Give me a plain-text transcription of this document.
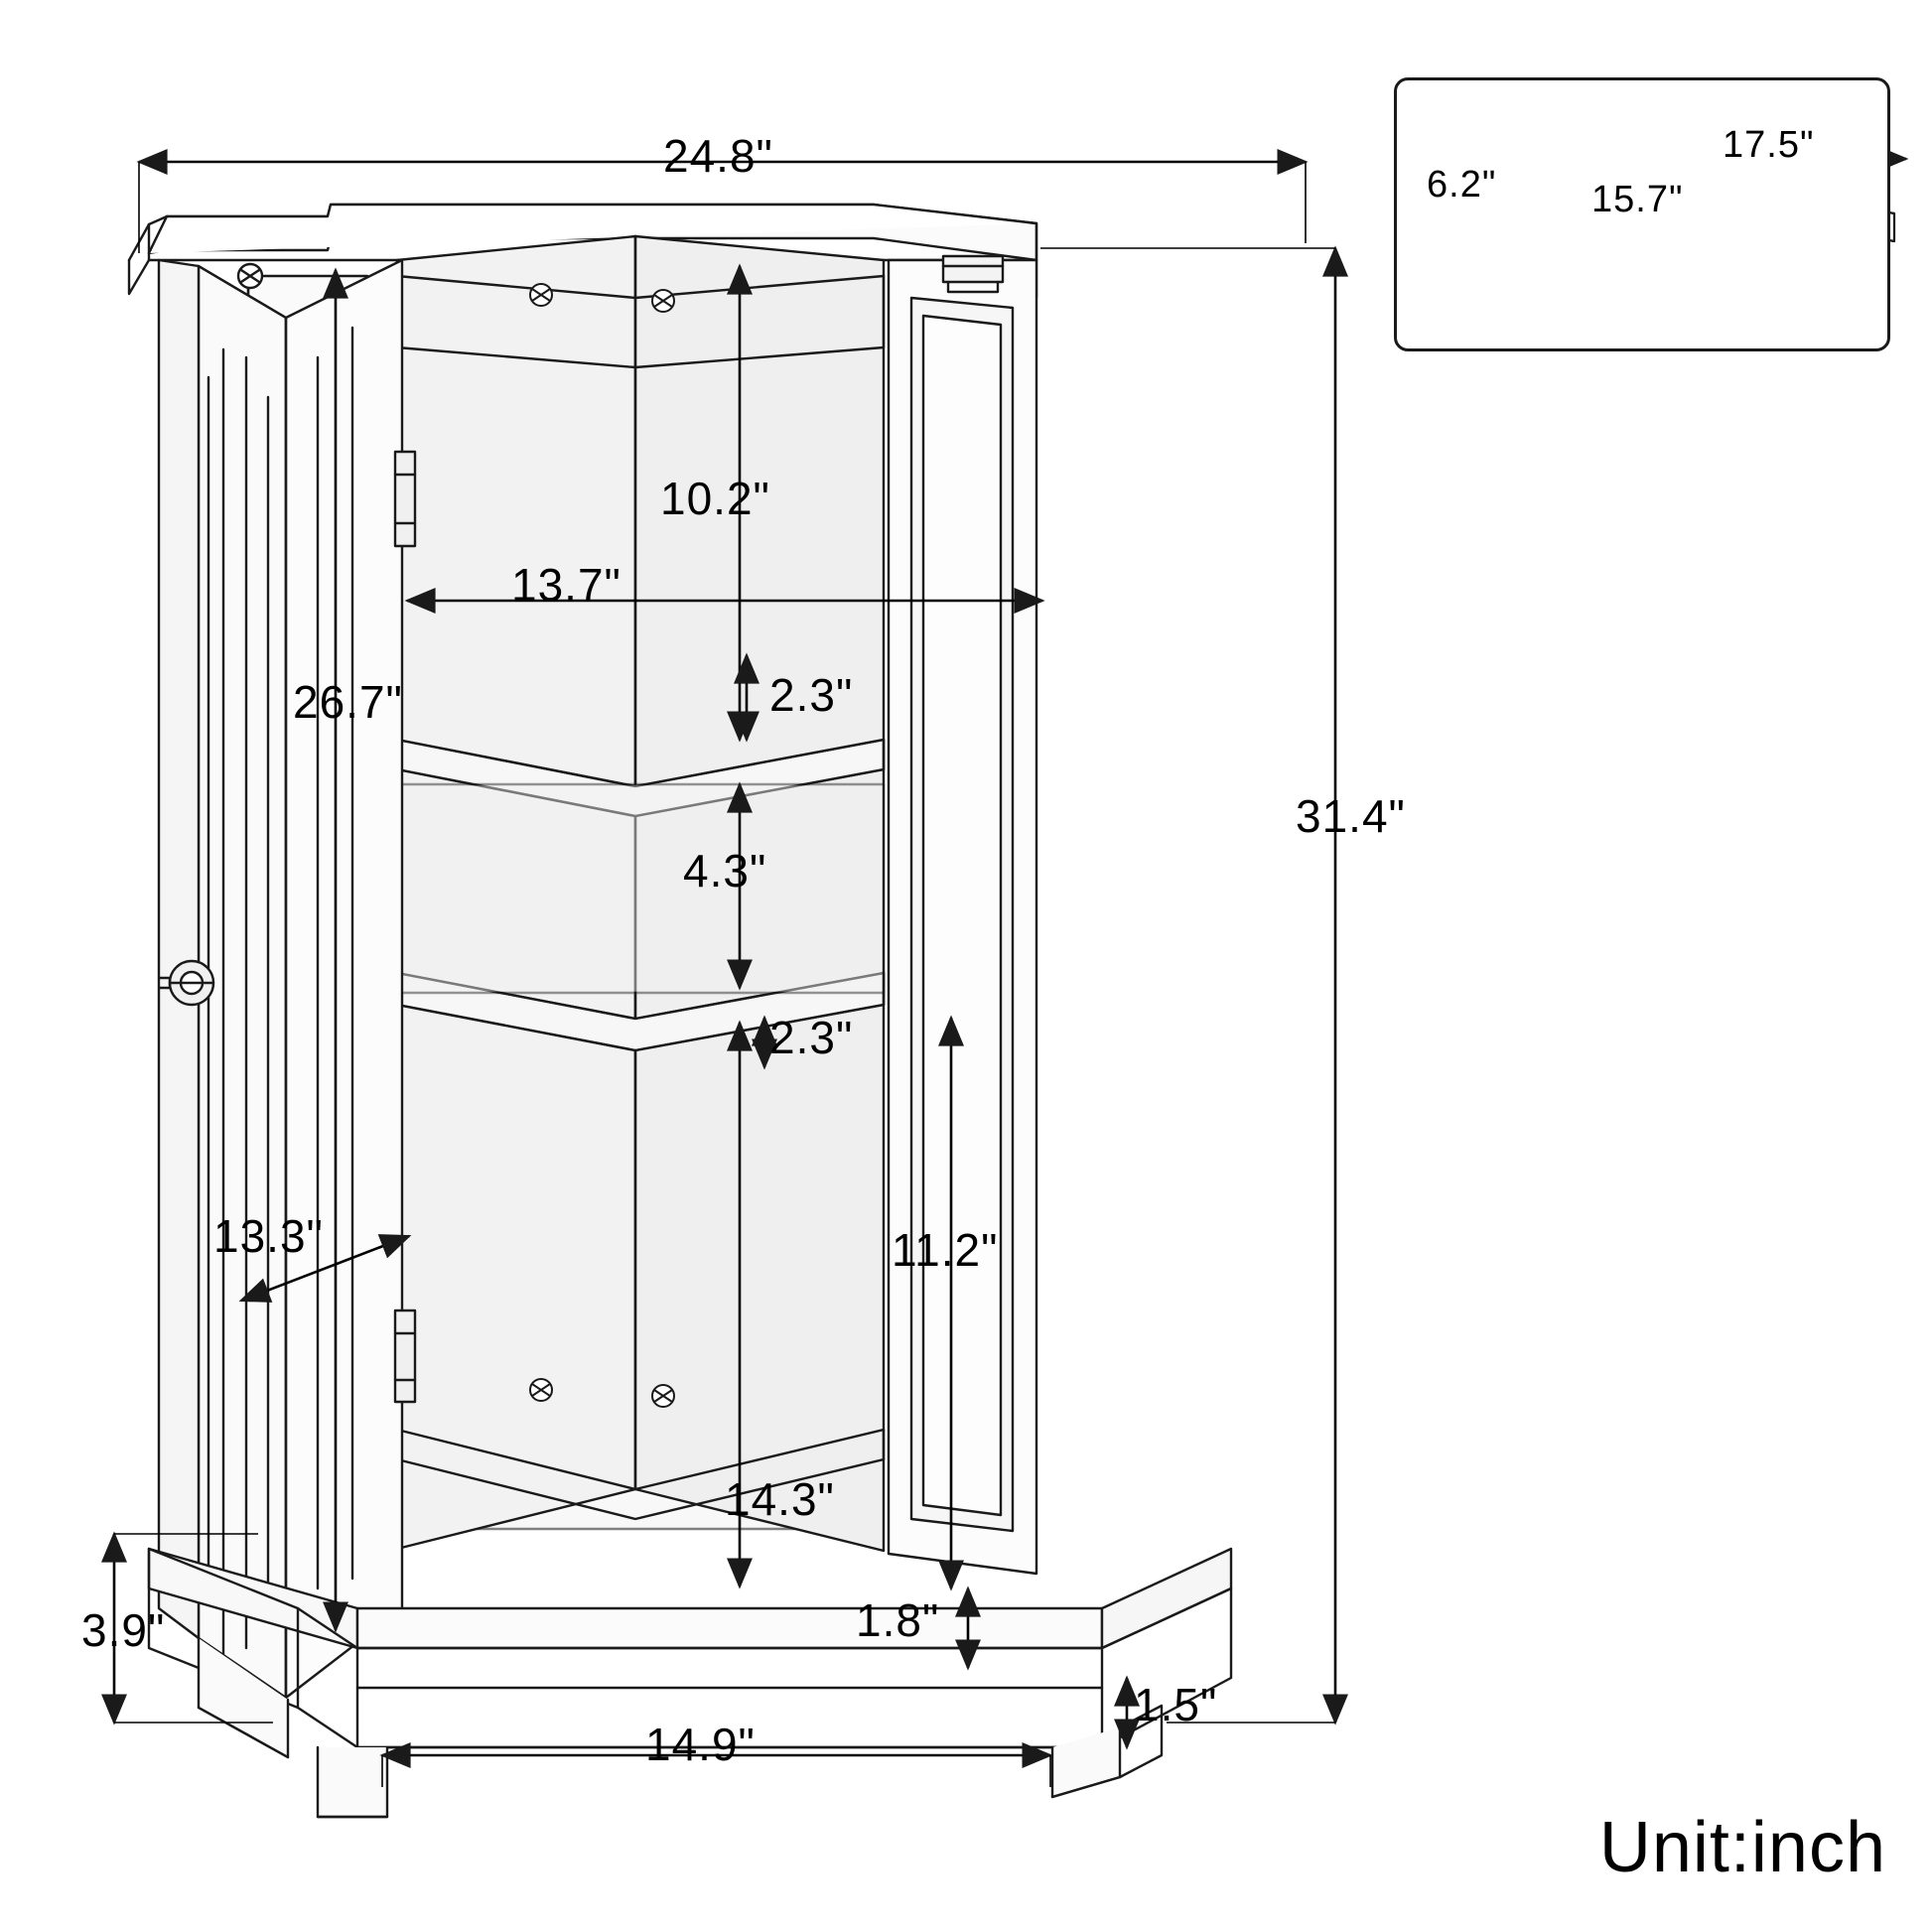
24.8"
31.4"
26.7"
10.2"
13.7"
2.3"
4.3"
2.3"
11.2"
13.3"
14.3"
1.8"
1.5"
3.9"
14.9"
17.5"
6.2"	15.7"
Unit:inch
